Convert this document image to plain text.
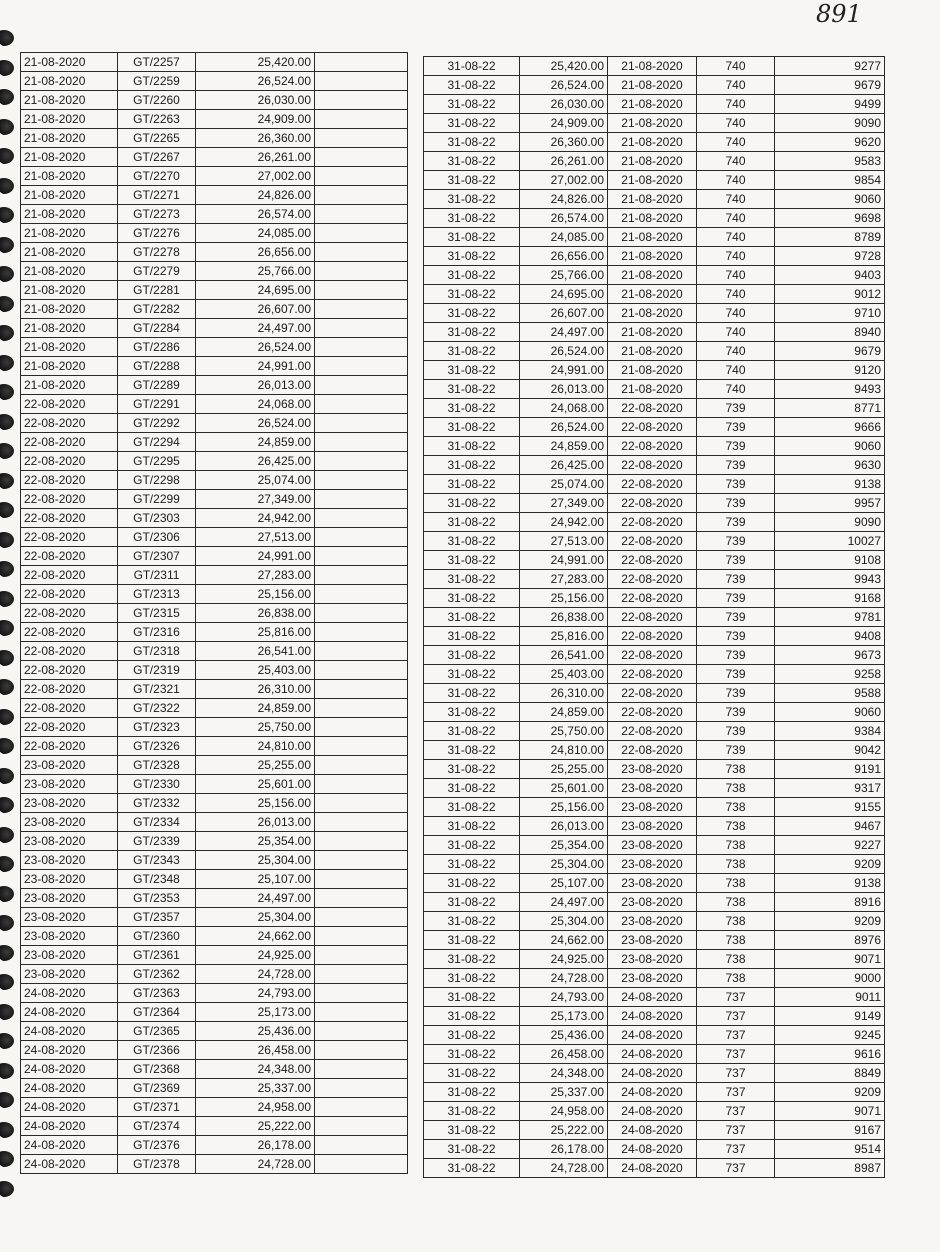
891
21-08-2020	GT/2257	25,420.00	
21-08-2020	GT/2259	26,524.00	
21-08-2020	GT/2260	26,030.00	
21-08-2020	GT/2263	24,909.00	
21-08-2020	GT/2265	26,360.00	
21-08-2020	GT/2267	26,261.00	
21-08-2020	GT/2270	27,002.00	
21-08-2020	GT/2271	24,826.00	
21-08-2020	GT/2273	26,574.00	
21-08-2020	GT/2276	24,085.00	
21-08-2020	GT/2278	26,656.00	
21-08-2020	GT/2279	25,766.00	
21-08-2020	GT/2281	24,695.00	
21-08-2020	GT/2282	26,607.00	
21-08-2020	GT/2284	24,497.00	
21-08-2020	GT/2286	26,524.00	
21-08-2020	GT/2288	24,991.00	
21-08-2020	GT/2289	26,013.00	
22-08-2020	GT/2291	24,068.00	
22-08-2020	GT/2292	26,524.00	
22-08-2020	GT/2294	24,859.00	
22-08-2020	GT/2295	26,425.00	
22-08-2020	GT/2298	25,074.00	
22-08-2020	GT/2299	27,349.00	
22-08-2020	GT/2303	24,942.00	
22-08-2020	GT/2306	27,513.00	
22-08-2020	GT/2307	24,991.00	
22-08-2020	GT/2311	27,283.00	
22-08-2020	GT/2313	25,156.00	
22-08-2020	GT/2315	26,838.00	
22-08-2020	GT/2316	25,816.00	
22-08-2020	GT/2318	26,541.00	
22-08-2020	GT/2319	25,403.00	
22-08-2020	GT/2321	26,310.00	
22-08-2020	GT/2322	24,859.00	
22-08-2020	GT/2323	25,750.00	
22-08-2020	GT/2326	24,810.00	
23-08-2020	GT/2328	25,255.00	
23-08-2020	GT/2330	25,601.00	
23-08-2020	GT/2332	25,156.00	
23-08-2020	GT/2334	26,013.00	
23-08-2020	GT/2339	25,354.00	
23-08-2020	GT/2343	25,304.00	
23-08-2020	GT/2348	25,107.00	
23-08-2020	GT/2353	24,497.00	
23-08-2020	GT/2357	25,304.00	
23-08-2020	GT/2360	24,662.00	
23-08-2020	GT/2361	24,925.00	
23-08-2020	GT/2362	24,728.00	
24-08-2020	GT/2363	24,793.00	
24-08-2020	GT/2364	25,173.00	
24-08-2020	GT/2365	25,436.00	
24-08-2020	GT/2366	26,458.00	
24-08-2020	GT/2368	24,348.00	
24-08-2020	GT/2369	25,337.00	
24-08-2020	GT/2371	24,958.00	
24-08-2020	GT/2374	25,222.00	
24-08-2020	GT/2376	26,178.00	
24-08-2020	GT/2378	24,728.00	
31-08-22	25,420.00	21-08-2020	740	9277
31-08-22	26,524.00	21-08-2020	740	9679
31-08-22	26,030.00	21-08-2020	740	9499
31-08-22	24,909.00	21-08-2020	740	9090
31-08-22	26,360.00	21-08-2020	740	9620
31-08-22	26,261.00	21-08-2020	740	9583
31-08-22	27,002.00	21-08-2020	740	9854
31-08-22	24,826.00	21-08-2020	740	9060
31-08-22	26,574.00	21-08-2020	740	9698
31-08-22	24,085.00	21-08-2020	740	8789
31-08-22	26,656.00	21-08-2020	740	9728
31-08-22	25,766.00	21-08-2020	740	9403
31-08-22	24,695.00	21-08-2020	740	9012
31-08-22	26,607.00	21-08-2020	740	9710
31-08-22	24,497.00	21-08-2020	740	8940
31-08-22	26,524.00	21-08-2020	740	9679
31-08-22	24,991.00	21-08-2020	740	9120
31-08-22	26,013.00	21-08-2020	740	9493
31-08-22	24,068.00	22-08-2020	739	8771
31-08-22	26,524.00	22-08-2020	739	9666
31-08-22	24,859.00	22-08-2020	739	9060
31-08-22	26,425.00	22-08-2020	739	9630
31-08-22	25,074.00	22-08-2020	739	9138
31-08-22	27,349.00	22-08-2020	739	9957
31-08-22	24,942.00	22-08-2020	739	9090
31-08-22	27,513.00	22-08-2020	739	10027
31-08-22	24,991.00	22-08-2020	739	9108
31-08-22	27,283.00	22-08-2020	739	9943
31-08-22	25,156.00	22-08-2020	739	9168
31-08-22	26,838.00	22-08-2020	739	9781
31-08-22	25,816.00	22-08-2020	739	9408
31-08-22	26,541.00	22-08-2020	739	9673
31-08-22	25,403.00	22-08-2020	739	9258
31-08-22	26,310.00	22-08-2020	739	9588
31-08-22	24,859.00	22-08-2020	739	9060
31-08-22	25,750.00	22-08-2020	739	9384
31-08-22	24,810.00	22-08-2020	739	9042
31-08-22	25,255.00	23-08-2020	738	9191
31-08-22	25,601.00	23-08-2020	738	9317
31-08-22	25,156.00	23-08-2020	738	9155
31-08-22	26,013.00	23-08-2020	738	9467
31-08-22	25,354.00	23-08-2020	738	9227
31-08-22	25,304.00	23-08-2020	738	9209
31-08-22	25,107.00	23-08-2020	738	9138
31-08-22	24,497.00	23-08-2020	738	8916
31-08-22	25,304.00	23-08-2020	738	9209
31-08-22	24,662.00	23-08-2020	738	8976
31-08-22	24,925.00	23-08-2020	738	9071
31-08-22	24,728.00	23-08-2020	738	9000
31-08-22	24,793.00	24-08-2020	737	9011
31-08-22	25,173.00	24-08-2020	737	9149
31-08-22	25,436.00	24-08-2020	737	9245
31-08-22	26,458.00	24-08-2020	737	9616
31-08-22	24,348.00	24-08-2020	737	8849
31-08-22	25,337.00	24-08-2020	737	9209
31-08-22	24,958.00	24-08-2020	737	9071
31-08-22	25,222.00	24-08-2020	737	9167
31-08-22	26,178.00	24-08-2020	737	9514
31-08-22	24,728.00	24-08-2020	737	8987
